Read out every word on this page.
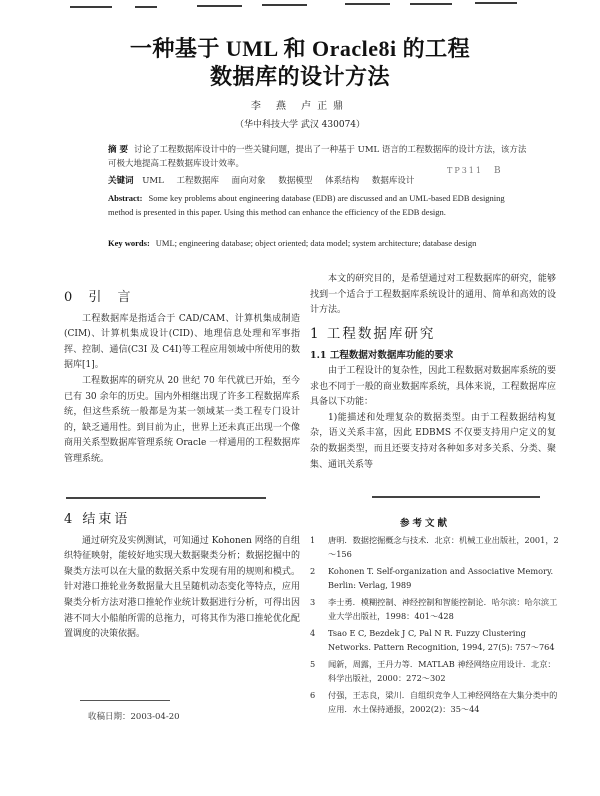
一种基于 UML 和 Oracle8i 的工程
数据库的设计方法
李 燕 卢正鼎
（华中科技大学 武汉 430074）
摘 要 讨论了工程数据库设计中的一些关键问题，提出了一种基于 UML 语言的工程数据库的设计方法，该方法可极大地提高工程数据库设计效率。
关键词 UML 工程数据库 面向对象 数据模型 体系结构 数据库设计
TP311 B
Abstract: Some key problems about engineering database (EDB) are discussed and an UML-based EDB designing method is presented in this paper. Using this method can enhance the efficiency of the EDB design.
Key words: UML; engineering database; object oriented; data model; system architecture; database design
0 引 言

工程数据库是指适合于 CAD/CAM、计算机集成制造(CIM)、计算机集成设计(CID)、地理信息处理和军事指挥、控制、通信(C3I 及 C4I)等工程应用领域中所使用的数据库[1]。

工程数据库的研究从 20 世纪 70 年代就已开始，至今已有 30 余年的历史。国内外相继出现了许多工程数据库系统，但这些系统一般都是为某一领域某一类工程专门设计的，缺乏通用性。到目前为止，世界上还未真正出现一个像商用关系型数据库管理系统 Oracle 一样通用的工程数据库管理系统。

本文的研究目的，是希望通过对工程数据库的研究，能够找到一个适合于工程数据库系统设计的通用、简单和高效的设计方法。

1 工程数据库研究
1.1 工程数据对数据库功能的要求

由于工程设计的复杂性，因此工程数据对数据库系统的要求也不同于一般的商业数据库系统，具体来说，工程数据库应具备以下功能：

1)能描述和处理复杂的数据类型。由于工程数据结构复杂，语义关系丰富，因此 EDBMS 不仅要支持用户定义的复杂的数据类型，而且还要支持对各种如多对多关系、分类、聚集、通讯关系等

4 结束语

通过研究及实例测试，可知通过 Kohonen 网络的自组织特征映射，能较好地实现大数据聚类分析；数据挖掘中的聚类方法可以在大量的数据关系中发现有用的规则和模式。针对港口推轮业务数据量大且呈随机动态变化等特点，应用聚类分析方法对港口推轮作业统计数据进行分析，可得出因港不同大小船舶所需的总拖力，可将其作为港口推轮优化配置调度的决策依据。

收稿日期：2003-04-20
参考文献
1	唐明．数据挖掘概念与技术．北京：机械工业出版社，2001，2～156
2	Kohonen T. Self-organization and Associative Memory. Berlin: Verlag, 1989
3	李士勇．模糊控制、神经控制和智能控制论．哈尔滨：哈尔滨工业大学出版社，1998：401～428
4	Tsao E C, Bezdek J C, Pal N R. Fuzzy Clustering Networks. Pattern Recognition, 1994, 27(5): 757～764
5	闻新，周露，王丹力等．MATLAB 神经网络应用设计．北京：科学出版社，2000：272～302
6	付强，王志良，梁川．自组织竞争人工神经网络在大集分类中的应用．水土保持通报，2002(2)：35～44
